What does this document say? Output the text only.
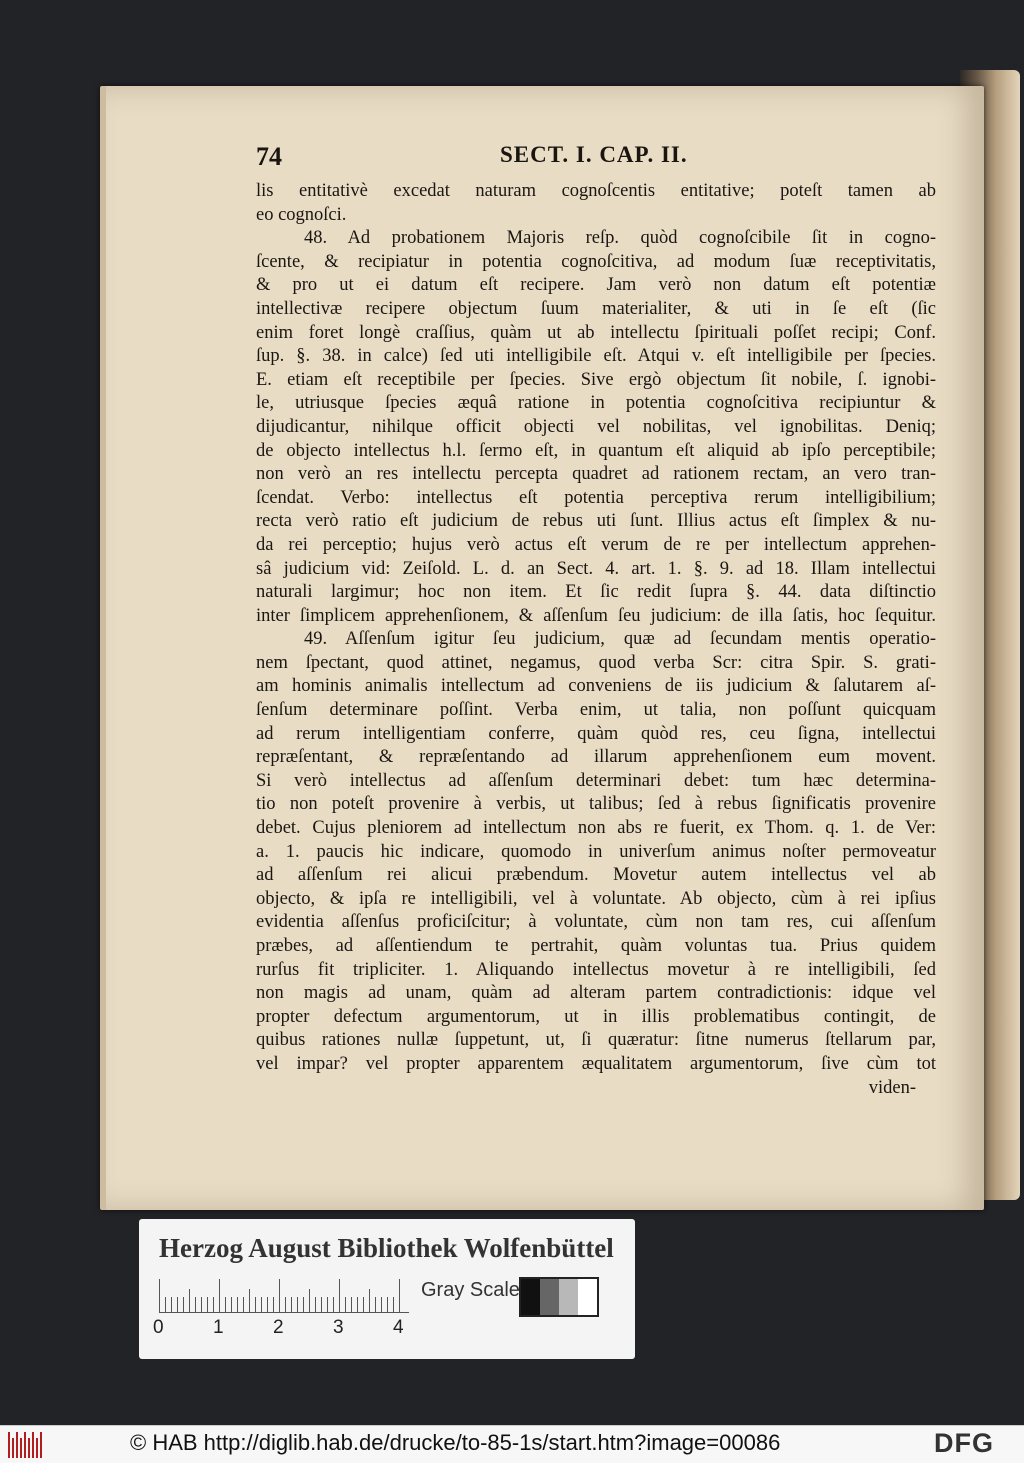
74	SECT. I. CAP. II.
lis entitativè excedat naturam cognoſcentis entitative; poteſt tamen ab
eo cognoſci.
48. Ad probationem Majoris reſp. quòd cognoſcibile ſit in cogno-
ſcente, & recipiatur in potentia cognoſcitiva, ad modum ſuæ receptivitatis,
& pro ut ei datum eſt recipere. Jam verò non datum eſt potentiæ
intellectivæ recipere objectum ſuum materialiter, & uti in ſe eſt (ſic
enim foret longè craſſius, quàm ut ab intellectu ſpirituali poſſet recipi; Conf.
ſup. §. 38. in calce) ſed uti intelligibile eſt. Atqui v. eſt intelligibile per ſpecies.
E. etiam eſt receptibile per ſpecies. Sive ergò objectum ſit nobile, ſ. ignobi-
le, utriusque ſpecies æquâ ratione in potentia cognoſcitiva recipiuntur &
dijudicantur, nihilque officit objecti vel nobilitas, vel ignobilitas. Deniq;
de objecto intellectus h.l. ſermo eſt, in quantum eſt aliquid ab ipſo perceptibile;
non verò an res intellectu percepta quadret ad rationem rectam, an vero tran-
ſcendat. Verbo: intellectus eſt potentia perceptiva rerum intelligibilium;
recta verò ratio eſt judicium de rebus uti ſunt. Illius actus eſt ſimplex & nu-
da rei perceptio; hujus verò actus eſt verum de re per intellectum apprehen-
sâ judicium vid: Zeiſold. L. d. an Sect. 4. art. 1. §. 9. ad 18. Illam intellectui
naturali largimur; hoc non item. Et ſic redit ſupra §. 44. data diſtinctio
inter ſimplicem apprehenſionem, & aſſenſum ſeu judicium: de illa ſatis, hoc ſequitur.
49. Aſſenſum igitur ſeu judicium, quæ ad ſecundam mentis operatio-
nem ſpectant, quod attinet, negamus, quod verba Scr: citra Spir. S. grati-
am hominis animalis intellectum ad conveniens de iis judicium & ſalutarem aſ-
ſenſum determinare poſſint. Verba enim, ut talia, non poſſunt quicquam
ad rerum intelligentiam conferre, quàm quòd res, ceu ſigna, intellectui
repræſentant, & repræſentando ad illarum apprehenſionem eum movent.
Si verò intellectus ad aſſenſum determinari debet: tum hæc determina-
tio non poteſt provenire à verbis, ut talibus; ſed à rebus ſignificatis provenire
debet. Cujus pleniorem ad intellectum non abs re fuerit, ex Thom. q. 1. de Ver:
a. 1. paucis hic indicare, quomodo in univerſum animus noſter permoveatur
ad aſſenſum rei alicui præbendum. Movetur autem intellectus vel ab
objecto, & ipſa re intelligibili, vel à voluntate. Ab objecto, cùm à rei ipſius
evidentia aſſenſus proficiſcitur; à voluntate, cùm non tam res, cui aſſenſum
præbes, ad aſſentiendum te pertrahit, quàm voluntas tua. Prius quidem
rurſus fit tripliciter. 1. Aliquando intellectus movetur à re intelligibili, ſed
non magis ad unam, quàm ad alteram partem contradictionis: idque vel
propter defectum argumentorum, ut in illis problematibus contingit, de
quibus rationes nullæ ſuppetunt, ut, ſi quæratur: ſitne numerus ſtellarum par,
vel impar? vel propter apparentem æqualitatem argumentorum, ſive cùm tot
viden-
Herzog August Bibliothek Wolfenbüttel
0	1	2	3	4
Gray Scale
© HAB http://diglib.hab.de/drucke/to-85-1s/start.htm?image=00086	DFG
